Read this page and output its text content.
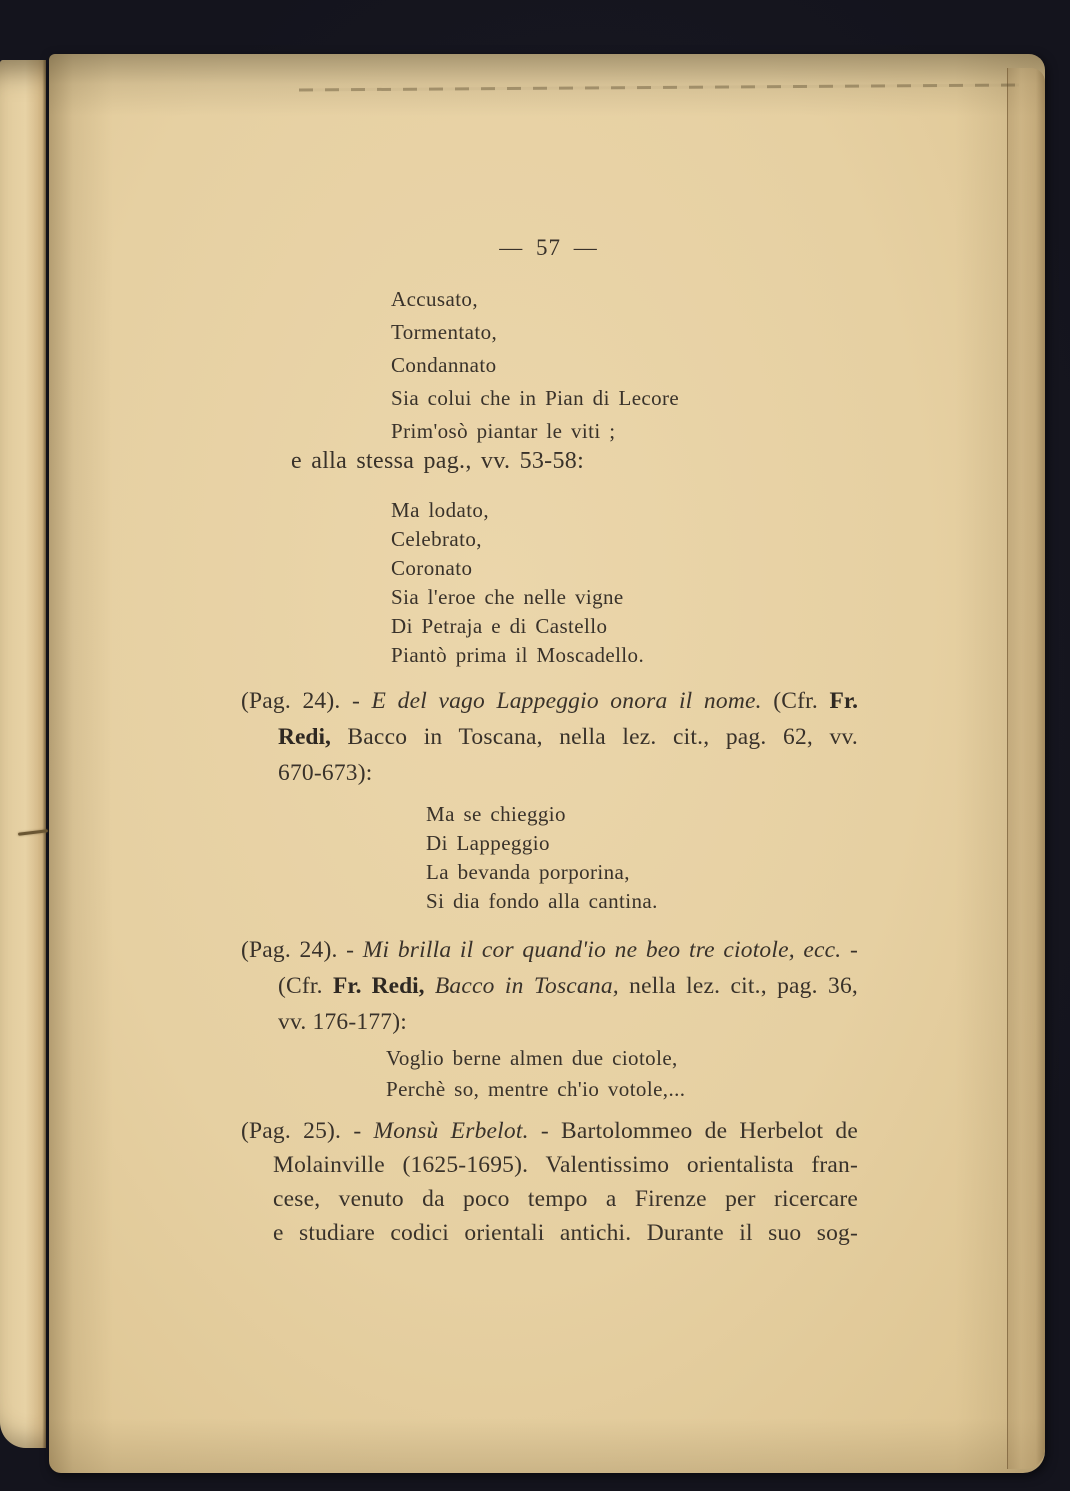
— 57 —
Accusato,
Tormentato,
Condannato
Sia colui che in Pian di Lecore
Prim'osò piantar le viti ;
e alla stessa pag., vv. 53-58:
Ma lodato,
Celebrato,
Coronato
Sia l'eroe che nelle vigne
Di Petraja e di Castello
Piantò prima il Moscadello.
(Pag. 24). - E del vago Lappeggio onora il nome. (Cfr. Fr.
Redi, Bacco in Toscana, nella lez. cit., pag. 62, vv.
670-673):
Ma se chieggio
Di Lappeggio
La bevanda porporina,
Si dia fondo alla cantina.
(Pag. 24). - Mi brilla il cor quand'io ne beo tre ciotole, ecc. -
(Cfr. Fr. Redi, Bacco in Toscana, nella lez. cit., pag. 36,
vv. 176-177):
Voglio berne almen due ciotole,
Perchè so, mentre ch'io votole,...
(Pag. 25). - Monsù Erbelot. - Bartolommeo de Herbelot de
Molainville (1625-1695). Valentissimo orientalista fran-
cese, venuto da poco tempo a Firenze per ricercare
e studiare codici orientali antichi. Durante il suo sog-
